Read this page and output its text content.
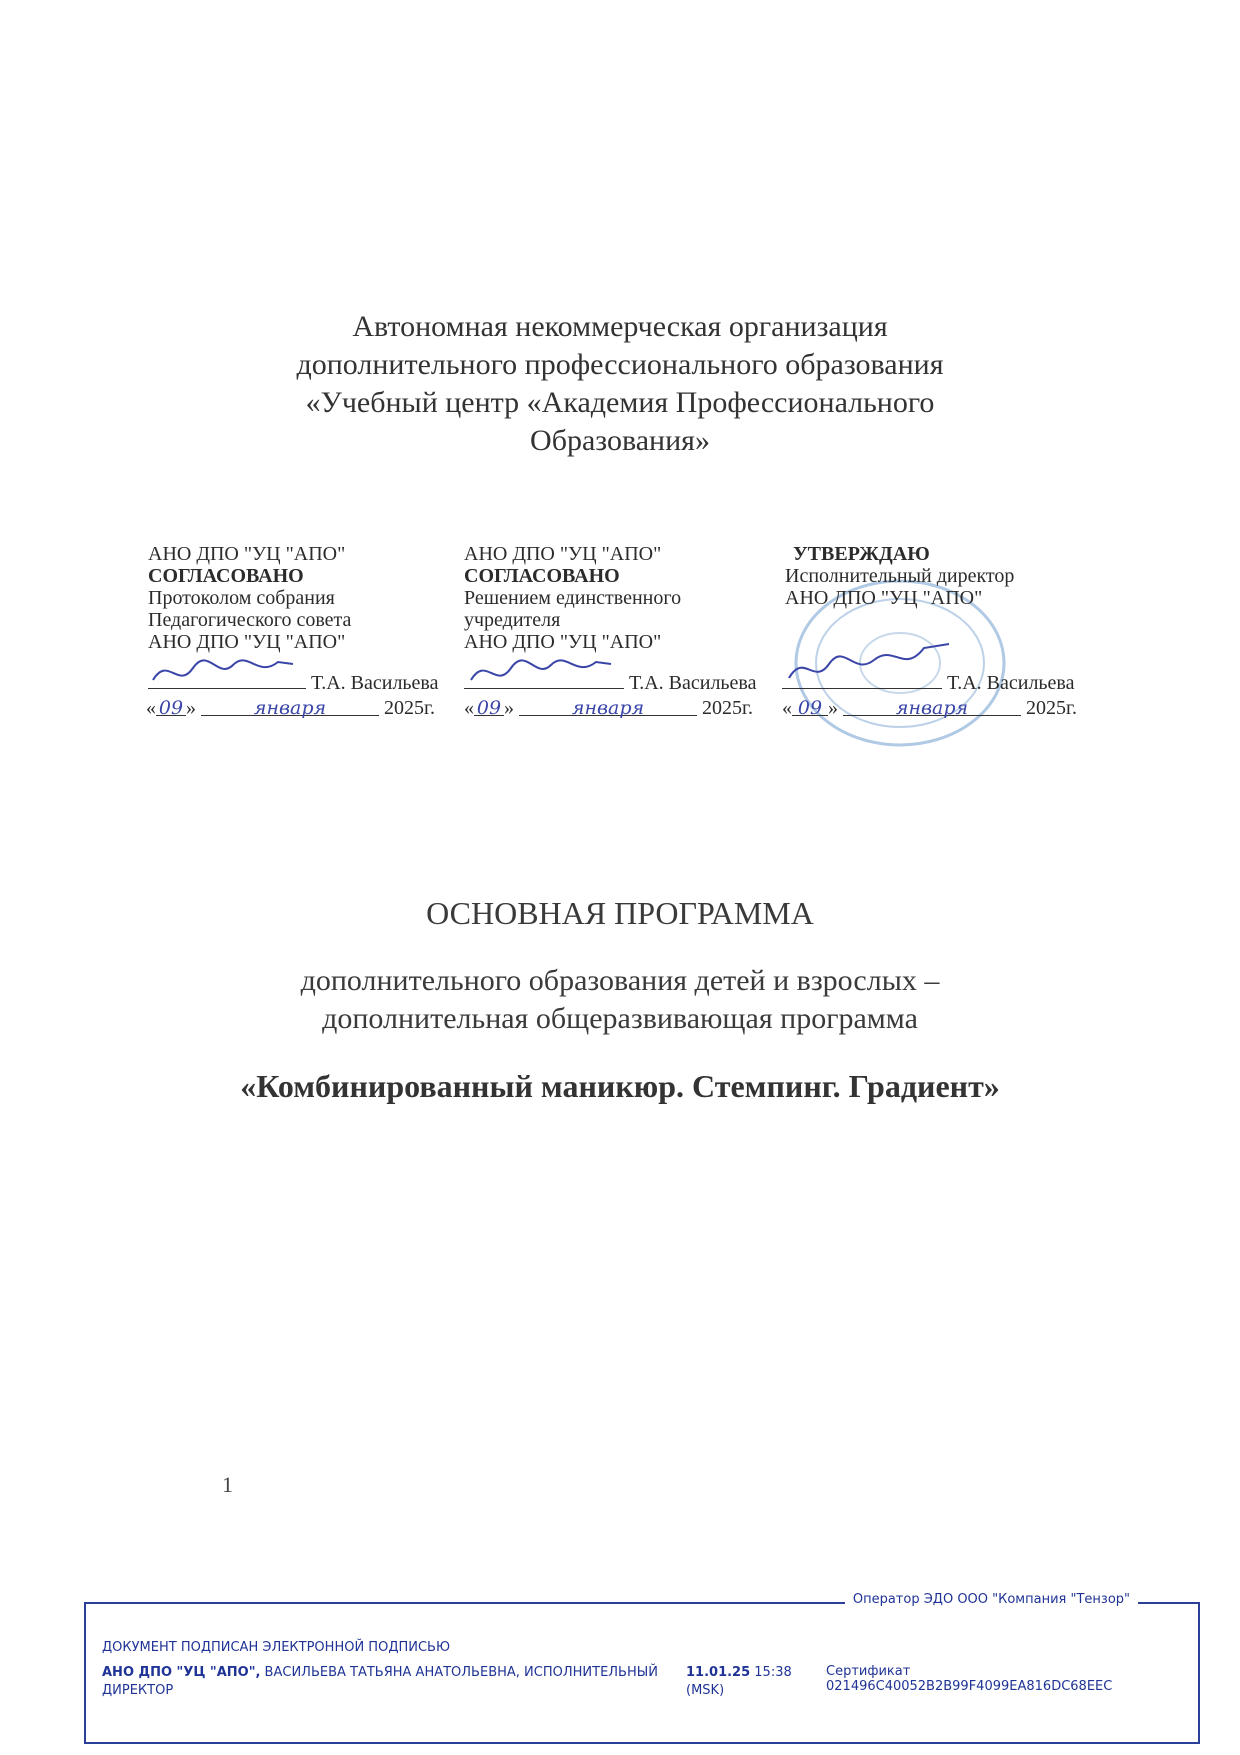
Автономная некоммерческая организация
дополнительного профессионального образования
«Учебный центр «Академия Профессионального
Образования»
АНО ДПО "УЦ "АПО"
СОГЛАСОВАНО
Протоколом собрания
Педагогического совета
АНО ДПО "УЦ "АПО"
Т.А. Васильева
« 09 »	января	2025г.
АНО ДПО "УЦ "АПО"
СОГЛАСОВАНО
Решением единственного
учредителя
АНО ДПО "УЦ "АПО"
Т.А. Васильева
« 09 »	января	2025г.
УТВЕРЖДАЮ
Исполнительный директор
АНО ДПО "УЦ "АПО"
Т.А. Васильева
« 09 »	января	2025г.
ОСНОВНАЯ ПРОГРАММА
дополнительного образования детей и взрослых –
дополнительная общеразвивающая программа
«Комбинированный маникюр. Стемпинг. Градиент»
1
Оператор ЭДО ООО "Компания "Тензор"
ДОКУМЕНТ ПОДПИСАН ЭЛЕКТРОННОЙ ПОДПИСЬЮ
АНО ДПО "УЦ "АПО", ВАСИЛЬЕВА ТАТЬЯНА АНАТОЛЬЕВНА, ИСПОЛНИТЕЛЬНЫЙ ДИРЕКТОР
11.01.25 15:38
(MSK)
Сертификат 021496C40052B2B99F4099EA816DC68EEC
